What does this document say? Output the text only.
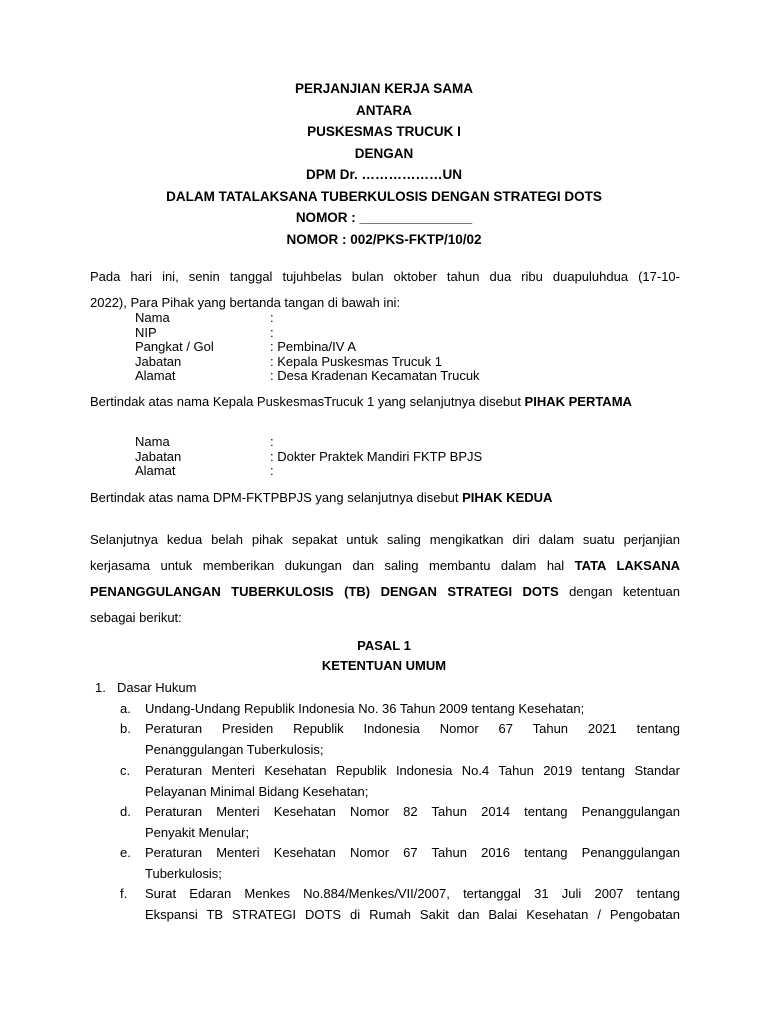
PERJANJIAN KERJA SAMA
ANTARA
PUSKESMAS TRUCUK I
DENGAN
DPM Dr. ………………UN
DALAM TATALAKSANA TUBERKULOSIS DENGAN STRATEGI DOTS
NOMOR : _______________
NOMOR : 002/PKS-FKTP/10/02
Pada hari ini, senin tanggal tujuhbelas bulan oktober tahun dua ribu duapuluhdua (17-10-
2022), Para Pihak yang bertanda tangan di bawah ini:
Nama	:
NIP	:
Pangkat / Gol	: Pembina/IV A
Jabatan	: Kepala Puskesmas Trucuk 1
Alamat	: Desa Kradenan Kecamatan Trucuk
Bertindak atas nama Kepala PuskesmasTrucuk 1 yang selanjutnya disebut PIHAK PERTAMA
Nama	:
Jabatan	: Dokter Praktek Mandiri FKTP BPJS
Alamat	:
Bertindak atas nama DPM-FKTPBPJS yang selanjutnya disebut PIHAK KEDUA
Selanjutnya kedua belah pihak sepakat untuk saling mengikatkan diri dalam suatu perjanjian
kerjasama untuk memberikan dukungan dan saling membantu dalam hal TATA LAKSANA
PENANGGULANGAN TUBERKULOSIS (TB) DENGAN STRATEGI DOTS dengan ketentuan
sebagai berikut:
PASAL 1
KETENTUAN UMUM
1. Dasar Hukum
a. Undang-Undang Republik Indonesia No. 36 Tahun 2009 tentang Kesehatan;
b. Peraturan Presiden Republik Indonesia Nomor 67 Tahun 2021 tentang
Penanggulangan Tuberkulosis;
c. Peraturan Menteri Kesehatan Republik Indonesia No.4 Tahun 2019 tentang Standar
Pelayanan Minimal Bidang Kesehatan;
d. Peraturan Menteri Kesehatan Nomor 82 Tahun 2014 tentang Penanggulangan
Penyakit Menular;
e. Peraturan Menteri Kesehatan Nomor 67 Tahun 2016 tentang Penanggulangan
Tuberkulosis;
f. Surat Edaran Menkes No.884/Menkes/VII/2007, tertanggal 31 Juli 2007 tentang
Ekspansi TB STRATEGI DOTS di Rumah Sakit dan Balai Kesehatan / Pengobatan
